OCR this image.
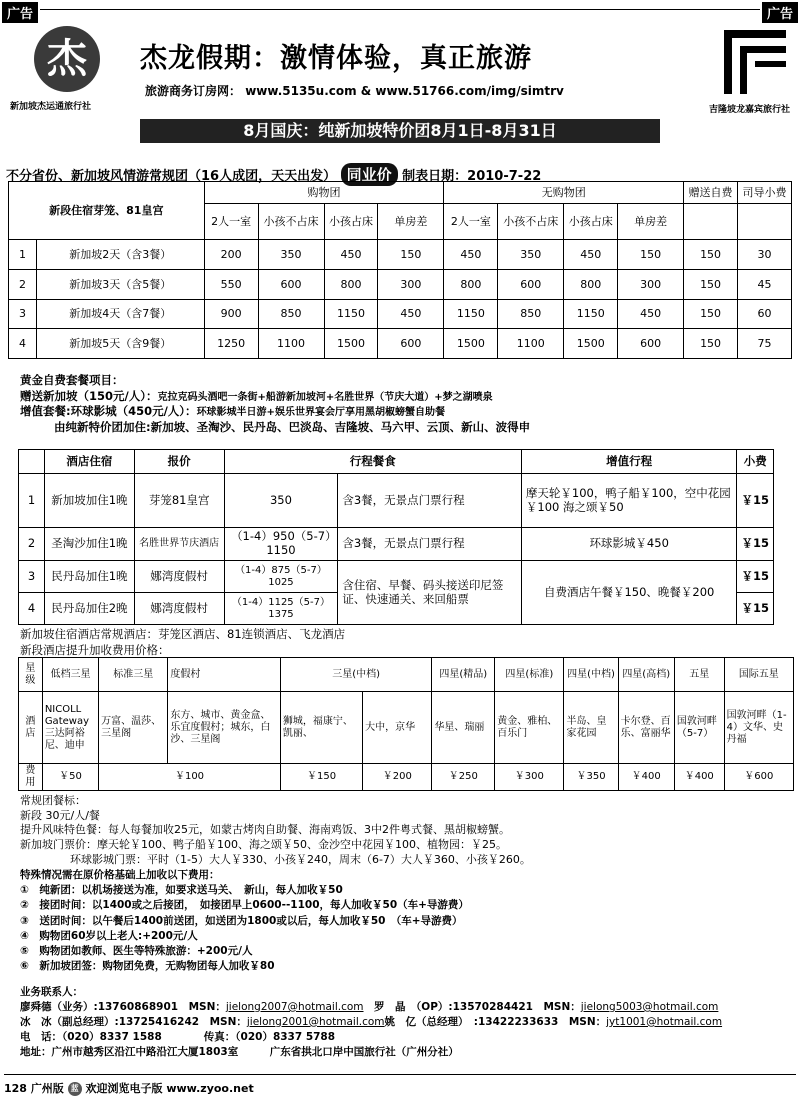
广告	广告
杰
新加坡杰运通旅行社
杰龙假期：激情体验，真正旅游
旅游商务订房网： www.5135u.com & www.51766.com/img/simtrv
吉隆坡龙嘉宾旅行社
8月国庆：纯新加坡特价团8月1日-8月31日
不分省份、新加坡风情游常规团（16人成团，天天出发） 同业价 制表日期：2010-7-22
新段住宿芽笼、81皇宫		购物团				无购物团				赠送自费	司导小费
		2人一室	小孩不占床	小孩占床	单房差	2人一室	小孩不占床	小孩占床	单房差		
1	新加坡2天（含3餐）	200	350	450	150	450	350	450	150	150	30
2	新加坡3天（含5餐）	550	600	800	300	800	600	800	300	150	45
3	新加坡4天（含7餐）	900	850	1150	450	1150	850	1150	450	150	60
4	新加坡5天（含9餐）	1250	1100	1500	600	1500	1100	1500	600	150	75
黄金自费套餐项目：
赠送新加坡（150元/人）：克拉克码头酒吧一条街+船游新加坡河+名胜世界（节庆大道）+梦之湖喷泉
增值套餐:环球影城（450元/人）：环球影城半日游+娱乐世界宴会厅享用黑胡椒螃蟹自助餐
由纯新特价团加住:新加坡、圣淘沙、民丹岛、巴淡岛、吉隆坡、马六甲、云顶、新山、波得申
	酒店住宿	报价	行程餐食		增值行程	小费
1	新加坡加住1晚	芽笼81皇宫	350	含3餐，无景点门票行程	摩天轮￥100，鸭子船￥100，空中花园￥100 海之颂￥50	￥15
2	圣淘沙加住1晚	名胜世界节庆酒店	（1-4）950（5-7）1150	含3餐，无景点门票行程	环球影城￥450	￥15
3	民丹岛加住1晚	娜湾度假村	（1-4）875（5-7）1025	含住宿、早餐、码头接送印尼签证、快速通关、来回船票	自费酒店午餐￥150、晚餐￥200	￥15
4	民丹岛加住2晚	娜湾度假村	（1-4）1125（5-7）1375			￥15
新加坡住宿酒店常规酒店：芽笼区酒店、81连锁酒店、飞龙酒店
新段酒店提升加收费用价格：
星级	低档三星	标准三星	度假村	三星(中档)		四星(精品)	四星(标准)	四星(中档)	四星(高档)	五星	国际五星
酒店	NICOLL Gateway 三达阿裕尼、迪申	万富、温莎、三星阁	东方、城市、黄金盒、乐宜度假村；城东，白沙、三星阁	狮城，福康宁、凯丽、	大中，京华	华星、瑞丽	黄金、雅柏、百乐门	半岛、皇家花园	卡尔登、百乐、富丽华	国敦河畔（5-7）	国敦河畔（1-4）文华、史丹福
费用	￥50	￥100		￥150	￥200	￥250	￥300	￥350	￥400	￥400	￥600
常规团餐标：
新段 30元/人/餐
提升风味特色餐：每人每餐加收25元，如蒙古烤肉自助餐、海南鸡饭、3中2件粤式餐、黑胡椒螃蟹。
新加坡门票价：摩天轮￥100、鸭子船￥100、海之颂￥50、金沙空中花园￥100、植物园：￥25。
环球影城门票：平时（1-5）大人￥330、小孩￥240，周末（6-7）大人￥360、小孩￥260。
特殊情况需在原价格基础上加收以下费用：
①　纯新团：以机场接送为准，如要求送马关、　新山，每人加收￥50
②　接团时间：以1400或之后接团，　如接团早上0600--1100，每人加收￥50（车+导游费）
③　送团时间：以午餐后1400前送团，如送团为1800或以后，每人加收￥50　（车+导游费）
④　购物团60岁以上老人:+200元/人
⑤　购物团如教师、医生等特殊旅游：+200元/人
⑥　新加坡团签：购物团免费，无购物团每人加收￥80
业务联系人：
廖舜德（业务）:13760868901　MSN：jielong2007@hotmail.com　罗　晶　（OP）:13570284421　MSN：jielong5003@hotmail.com
冰　冰（副总经理）:13725416242　MSN：jielong2001@hotmail.com姚　亿（总经理）　:13422233633　MSN：jyt1001@hotmail.com
电　话：（020）8337 1588　　　　传真：（020）8337 5788
地址：广州市越秀区沿江中路沿江大厦1803室　　　广东省拱北口岸中国旅行社（广州分社）
128 广州版 蓝 欢迎浏览电子版 www.zyoo.net
